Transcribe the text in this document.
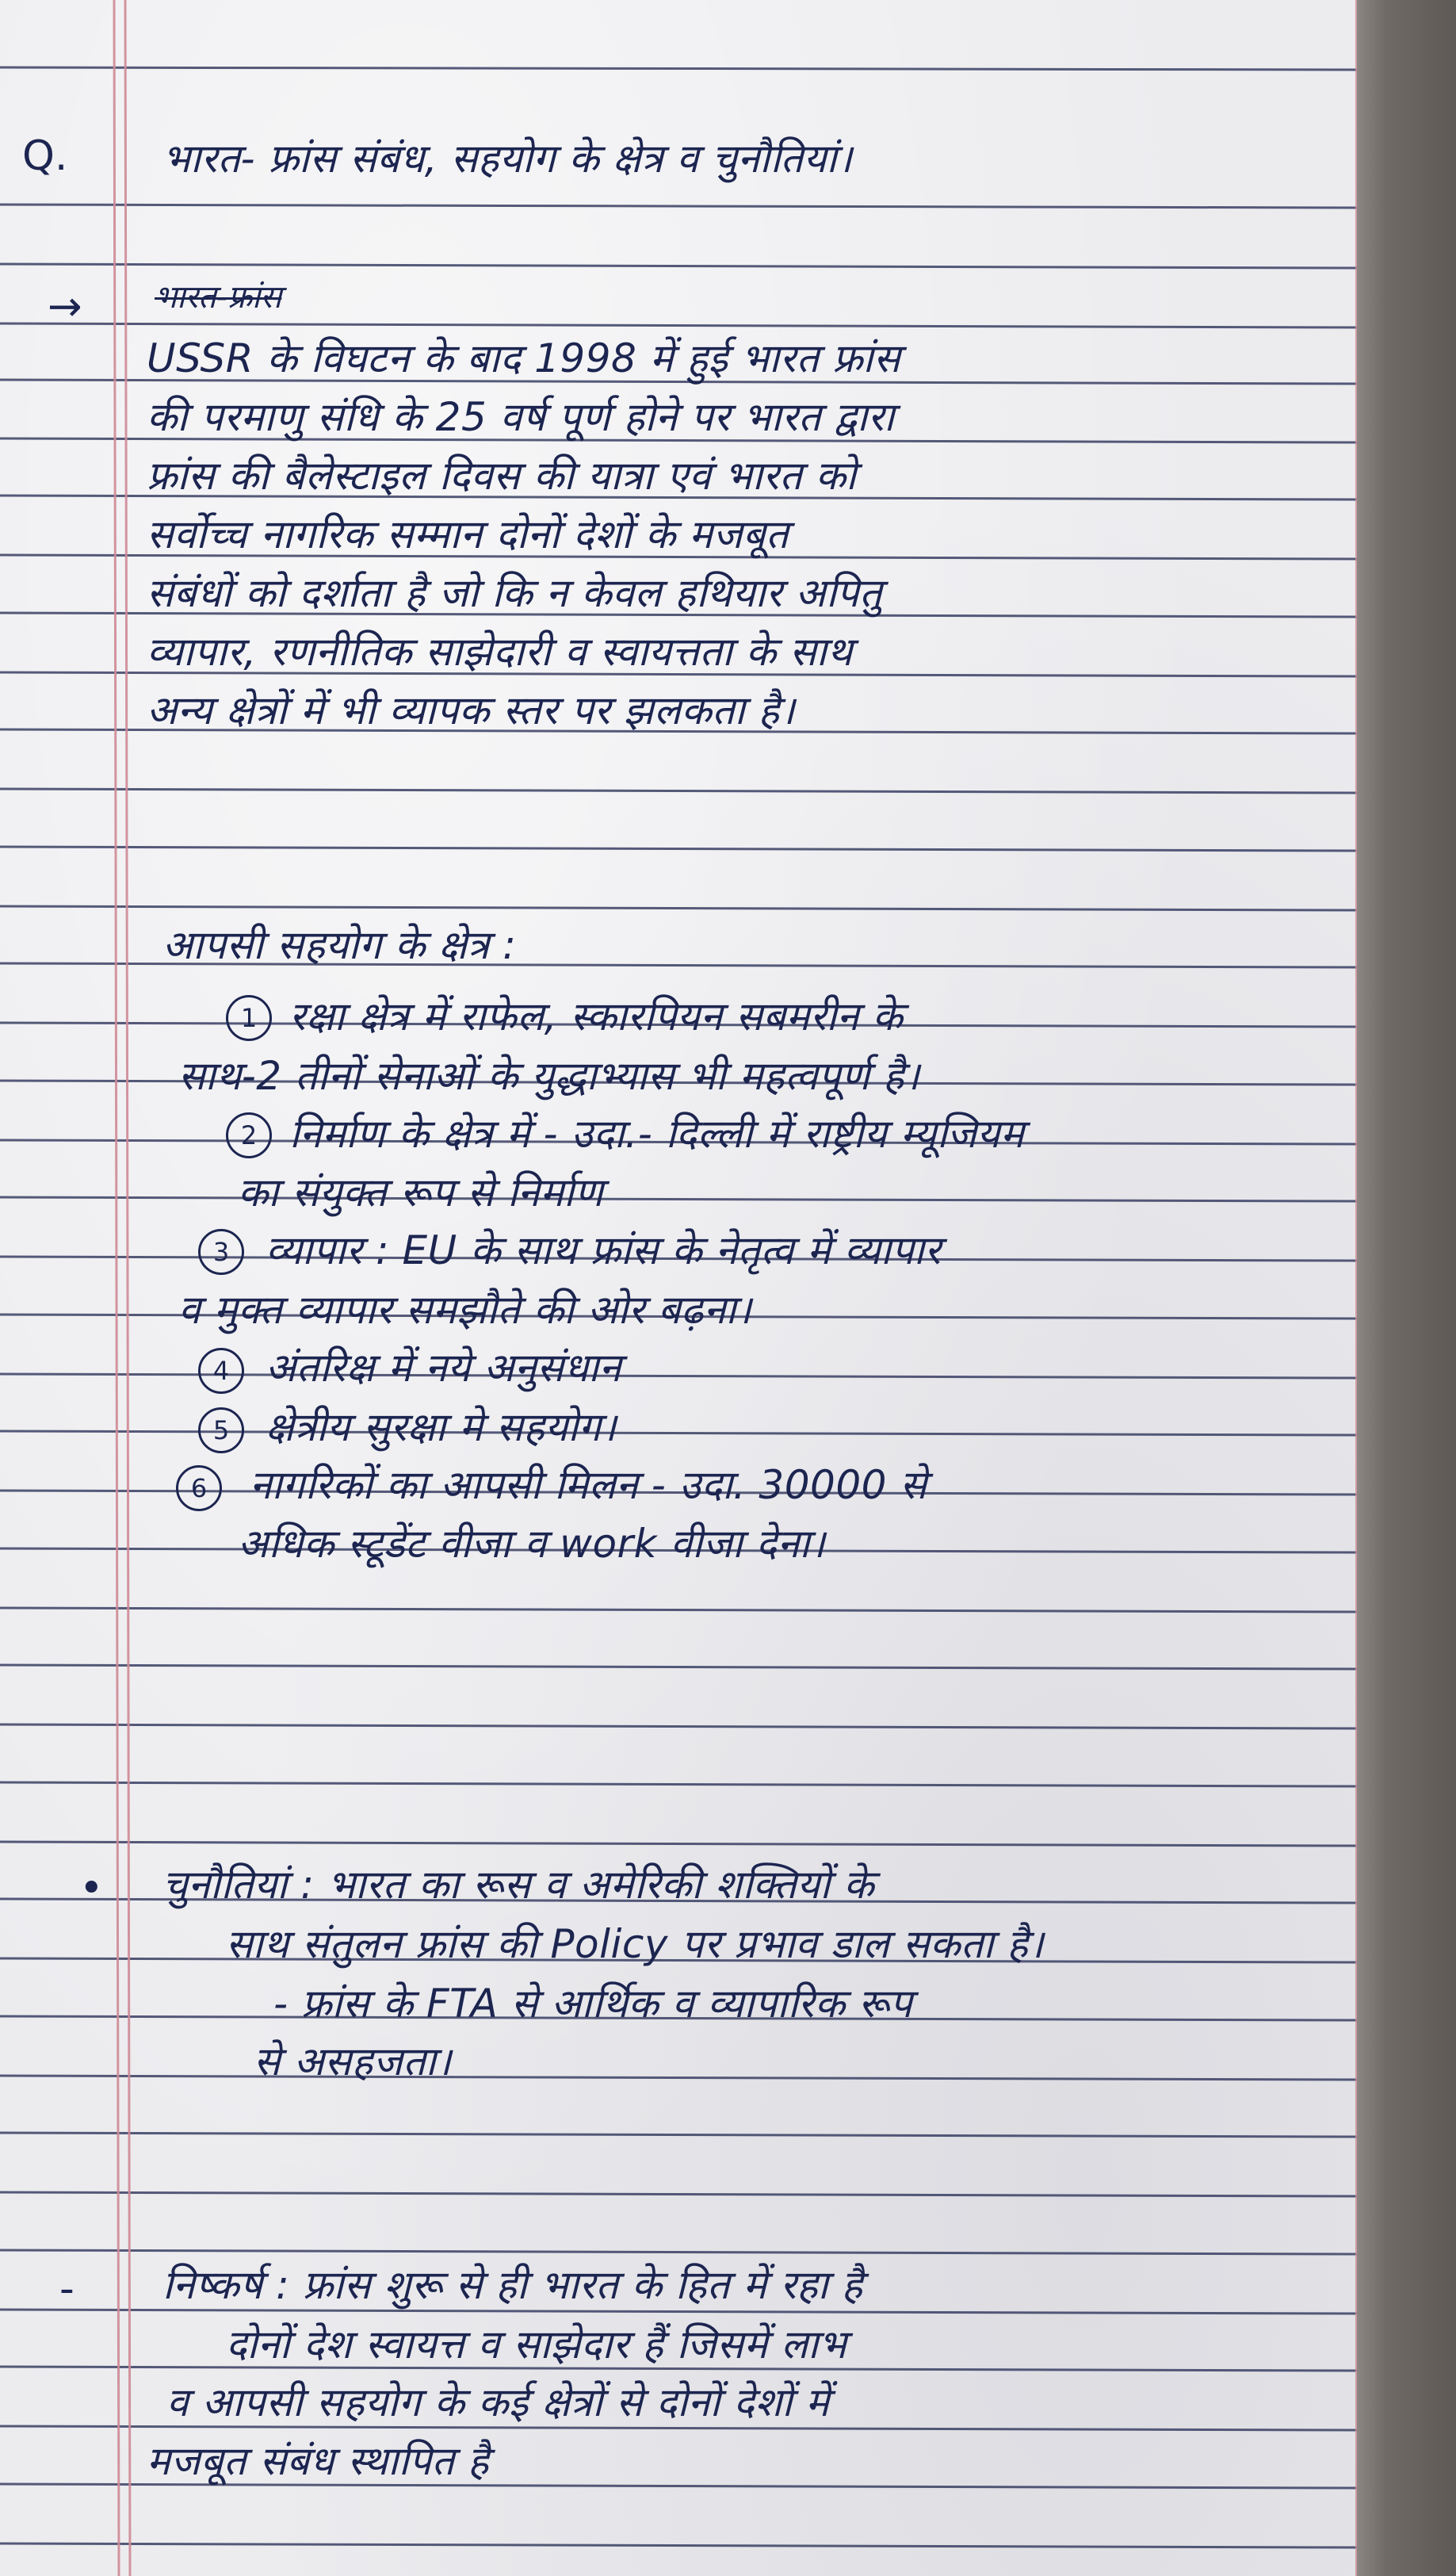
Q. भारत- फ्रांस संबंध, सहयोग के क्षेत्र व चुनौतियां।
→ भारत-फ्रांस
USSR के विघटन के बाद 1998 में हुई भारत फ्रांस
की परमाणु संधि के 25 वर्ष पूर्ण होने पर भारत द्वारा
फ्रांस की बैलेस्टाइल दिवस की यात्रा एवं भारत को
सर्वोच्च नागरिक सम्मान दोनों देशों के मजबूत
संबंधों को दर्शाता है जो कि न केवल हथियार अपितु
व्यापार, रणनीतिक साझेदारी व स्वायत्तता के साथ
अन्य क्षेत्रों में भी व्यापक स्तर पर झलकता है।
आपसी सहयोग के क्षेत्र :
1 रक्षा क्षेत्र में राफेल, स्कारपियन सबमरीन के
साथ-2 तीनों सेनाओं के युद्धाभ्यास भी महत्वपूर्ण है।
2 निर्माण के क्षेत्र में - उदा.- दिल्ली में राष्ट्रीय म्यूजियम
का संयुक्त रूप से निर्माण
3 व्यापार : EU के साथ फ्रांस के नेतृत्व में व्यापार
व मुक्त व्यापार समझौते की ओर बढ़ना।
4 अंतरिक्ष में नये अनुसंधान
5 क्षेत्रीय सुरक्षा मे सहयोग।
6	नागरिकों का आपसी मिलन - उदा. 30000 से
अधिक स्टूडेंट वीजा व work वीजा देना।
• चुनौतियां : भारत का रूस व अमेरिकी शक्तियों के
साथ संतुलन फ्रांस की Policy पर प्रभाव डाल सकता है।
- फ्रांस के FTA से आर्थिक व व्यापारिक रूप
से असहजता।
- निष्कर्ष : फ्रांस शुरू से ही भारत के हित में रहा है
दोनों देश स्वायत्त व साझेदार हैं जिसमें लाभ
व आपसी सहयोग के कई क्षेत्रों से दोनों देशों में
मजबूत संबंध स्थापित है
